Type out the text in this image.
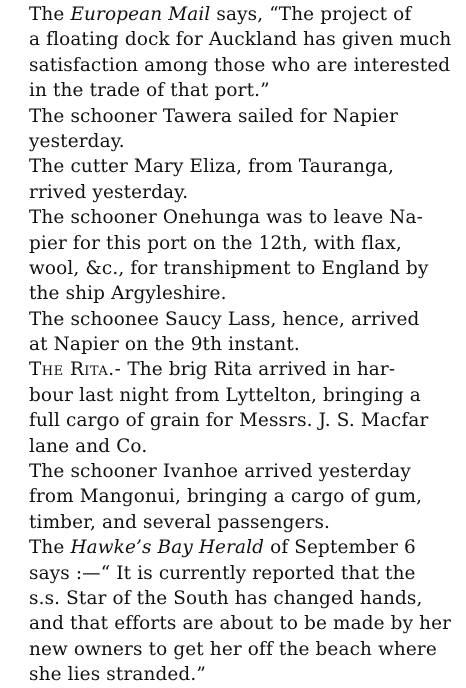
The European Mail says, “The project of
a floating dock for Auckland has given much
satisfaction among those who are interested
in the trade of that port.”
The schooner Tawera sailed for Napier
yesterday.
The cutter Mary Eliza, from Tauranga,
rrived yesterday.
The schooner Onehunga was to leave Na-
pier for this port on the 12th, with flax,
wool, &c., for transhipment to England by
the ship Argyleshire.
The schoonee Saucy Lass, hence, arrived
at Napier on the 9th instant.
The Rita.- The brig Rita arrived in har-
bour last night from Lyttelton, bringing a
full cargo of grain for Messrs. J. S. Macfar
lane and Co.
The schooner Ivanhoe arrived yesterday
from Mangonui, bringing a cargo of gum,
timber, and several passengers.
The Hawke’s Bay Herald of September 6
says :—“ It is currently reported that the
s.s. Star of the South has changed hands,
and that efforts are about to be made by her
new owners to get her off the beach where
she lies stranded.”
